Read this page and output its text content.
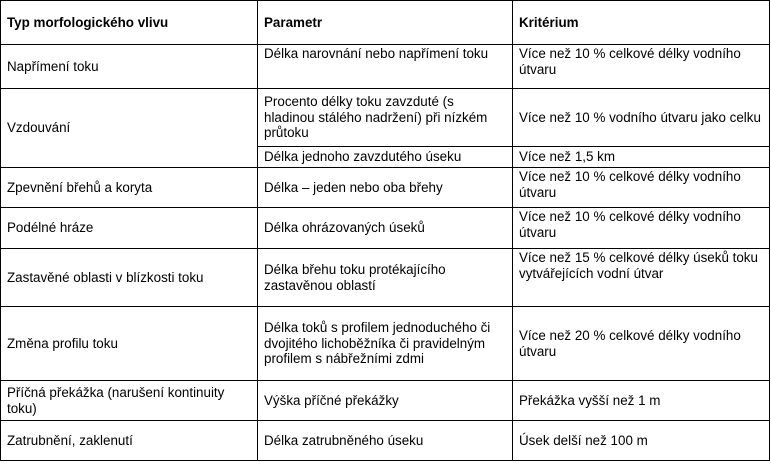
Typ morfologického vlivu	Parametr	Kritérium
Napřímení toku	Délka narovnání nebo napřímení toku	Více než 10 % celkové délky vodního útvaru
Vzdouvání	Procento délky toku zavzduté (s hladinou stálého nadržení) při nízkém průtoku	Více než 10 % vodního útvaru jako celku
	Délka jednoho zavzdutého úseku	Více než 1,5 km
Zpevnění břehů a koryta	Délka – jeden nebo oba břehy	Více než 10 % celkové délky vodního útvaru
Podélné hráze	Délka ohrázovaných úseků	Více než 10 % celkové délky vodního útvaru
Zastavěné oblasti v blízkosti toku	Délka břehu toku protékajícího zastavěnou oblastí	Více než 15 % celkové délky úseků toku vytvářejících vodní útvar
Změna profilu toku	Délka toků s profilem jednoduchého či dvojitého lichoběžníka či pravidelným profilem s nábřežními zdmi	Více než 20 % celkové délky vodního útvaru
Příčná překážka (narušení kontinuity toku)	Výška příčné překážky	Překážka vyšší než 1 m
Zatrubnění, zaklenutí	Délka zatrubněného úseku	Úsek delší než 100 m
